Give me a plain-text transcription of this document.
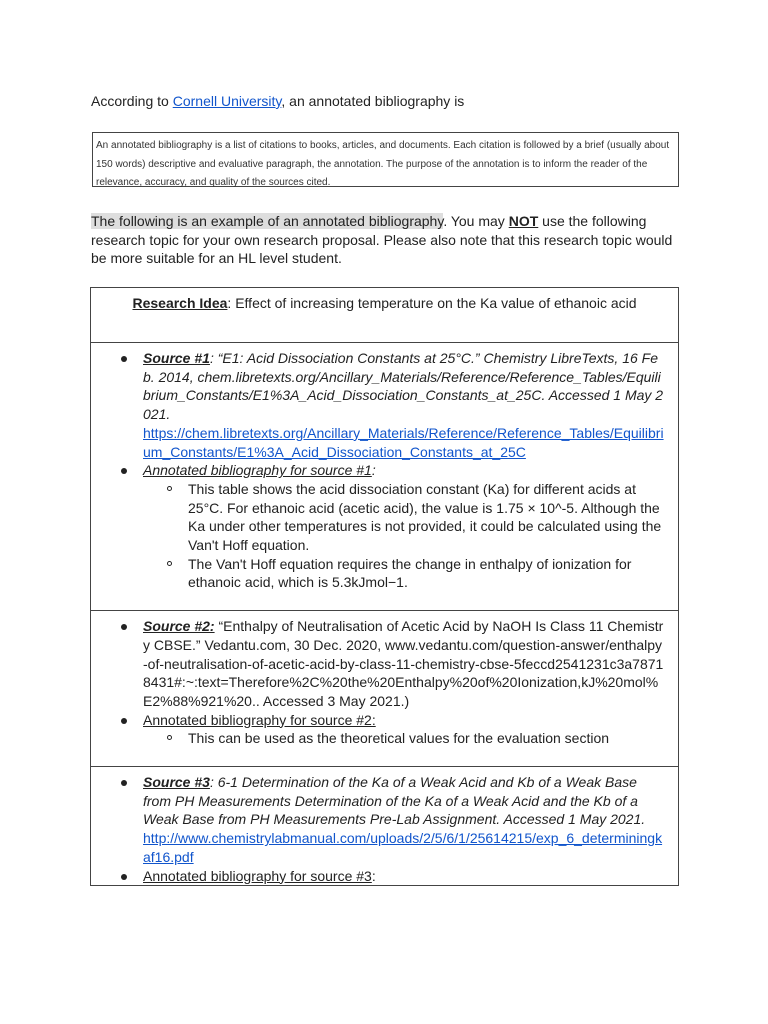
According to Cornell University, an annotated bibliography is
An annotated bibliography is a list of citations to books, articles, and documents. Each citation is followed by a brief (usually about 150 words) descriptive and evaluative paragraph, the annotation. The purpose of the annotation is to inform the reader of the relevance, accuracy, and quality of the sources cited.
The following is an example of an annotated bibliography. You may NOT use the following research topic for your own research proposal. Please also note that this research topic would be more suitable for an HL level student.
Research Idea: Effect of increasing temperature on the Ka value of ethanoic acid

Source #1: “E1: Acid Dissociation Constants at 25°C.” Chemistry LibreTexts, 16 Feb. 2014, chem.libretexts.org/Ancillary_Materials/Reference/Reference_Tables/Equilibrium_Constants/E1%3A_Acid_Dissociation_Constants_at_25C. Accessed 1 May 2021.
https://chem.libretexts.org/Ancillary_Materials/Reference/Reference_Tables/Equilibrium_Constants/E1%3A_Acid_Dissociation_Constants_at_25C
Annotated bibliography for source #1:
This table shows the acid dissociation constant (Ka) for different acids at 25°C. For ethanoic acid (acetic acid), the value is 1.75 × 10^-5. Although the Ka under other temperatures is not provided, it could be calculated using the Van't Hoff equation.
The Van't Hoff equation requires the change in enthalpy of ionization for ethanoic acid, which is 5.3kJmol−1.

Source #2: “Enthalpy of Neutralisation of Acetic Acid by NaOH Is Class 11 Chemistry CBSE.” Vedantu.com, 30 Dec. 2020, www.vedantu.com/question-answer/enthalpy-of-neutralisation-of-acetic-acid-by-class-11-chemistry-cbse-5feccd2541231c3a78718431#:~:text=Therefore%2C%20the%20Enthalpy%20of%20Ionization,kJ%20mol%E2%88%921%20.. Accessed 3 May 2021.)
Annotated bibliography for source #2:
This can be used as the theoretical values for the evaluation section

Source #3: 6-1 Determination of the Ka of a Weak Acid and Kb of a Weak Base from PH Measurements Determination of the Ka of a Weak Acid and the Kb of a Weak Base from PH Measurements Pre-Lab Assignment. Accessed 1 May 2021.
http://www.chemistrylabmanual.com/uploads/2/5/6/1/25614215/exp_6_determiningkaf16.pdf
Annotated bibliography for source #3:
